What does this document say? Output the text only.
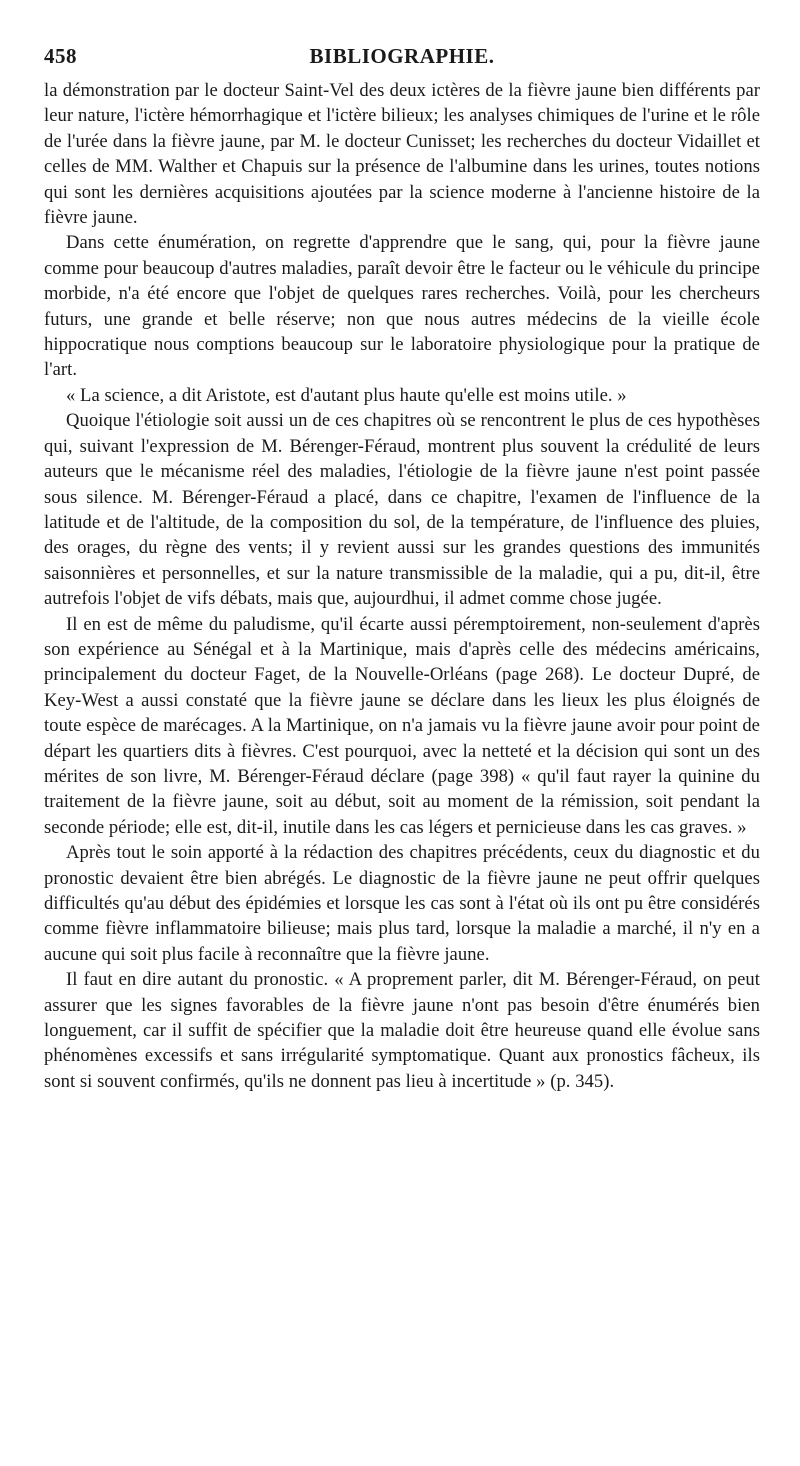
458	BIBLIOGRAPHIE.

la démonstration par le docteur Saint-Vel des deux ictères de la fièvre jaune bien différents par leur nature, l'ictère hémorrhagique et l'ictère bilieux; les analyses chimiques de l'urine et le rôle de l'urée dans la fièvre jaune, par M. le docteur Cunisset; les recherches du docteur Vidaillet et celles de MM. Walther et Chapuis sur la présence de l'albumine dans les urines, toutes notions qui sont les dernières acquisitions ajoutées par la science moderne à l'ancienne histoire de la fièvre jaune.

Dans cette énumération, on regrette d'apprendre que le sang, qui, pour la fièvre jaune comme pour beaucoup d'autres maladies, paraît devoir être le facteur ou le véhicule du principe morbide, n'a été encore que l'objet de quelques rares recherches. Voilà, pour les chercheurs futurs, une grande et belle réserve; non que nous autres médecins de la vieille école hippocratique nous comptions beaucoup sur le laboratoire physiologique pour la pratique de l'art.

« La science, a dit Aristote, est d'autant plus haute qu'elle est moins utile. »

Quoique l'étiologie soit aussi un de ces chapitres où se rencontrent le plus de ces hypothèses qui, suivant l'expression de M. Bérenger-Féraud, montrent plus souvent la crédulité de leurs auteurs que le mécanisme réel des maladies, l'étiologie de la fièvre jaune n'est point passée sous silence. M. Bérenger-Féraud a placé, dans ce chapitre, l'examen de l'influence de la latitude et de l'altitude, de la composition du sol, de la température, de l'influence des pluies, des orages, du règne des vents; il y revient aussi sur les grandes questions des immunités saisonnières et personnelles, et sur la nature transmissible de la maladie, qui a pu, dit-il, être autrefois l'objet de vifs débats, mais que, aujourdhui, il admet comme chose jugée.

Il en est de même du paludisme, qu'il écarte aussi péremptoirement, non-seulement d'après son expérience au Sénégal et à la Martinique, mais d'après celle des médecins américains, principalement du docteur Faget, de la Nouvelle-Orléans (page 268). Le docteur Dupré, de Key-West a aussi constaté que la fièvre jaune se déclare dans les lieux les plus éloignés de toute espèce de marécages. A la Martinique, on n'a jamais vu la fièvre jaune avoir pour point de départ les quartiers dits à fièvres. C'est pourquoi, avec la netteté et la décision qui sont un des mérites de son livre, M. Bérenger-Féraud déclare (page 398) « qu'il faut rayer la quinine du traitement de la fièvre jaune, soit au début, soit au moment de la rémission, soit pendant la seconde période; elle est, dit-il, inutile dans les cas légers et pernicieuse dans les cas graves. »

Après tout le soin apporté à la rédaction des chapitres précédents, ceux du diagnostic et du pronostic devaient être bien abrégés. Le diagnostic de la fièvre jaune ne peut offrir quelques difficultés qu'au début des épidémies et lorsque les cas sont à l'état où ils ont pu être considérés comme fièvre inflammatoire bilieuse; mais plus tard, lorsque la maladie a marché, il n'y en a aucune qui soit plus facile à reconnaître que la fièvre jaune.

Il faut en dire autant du pronostic. « A proprement parler, dit M. Bérenger-Féraud, on peut assurer que les signes favorables de la fièvre jaune n'ont pas besoin d'être énumérés bien longuement, car il suffit de spécifier que la maladie doit être heureuse quand elle évolue sans phénomènes excessifs et sans irrégularité symptomatique. Quant aux pronostics fâcheux, ils sont si souvent confirmés, qu'ils ne donnent pas lieu à incertitude » (p. 345).
